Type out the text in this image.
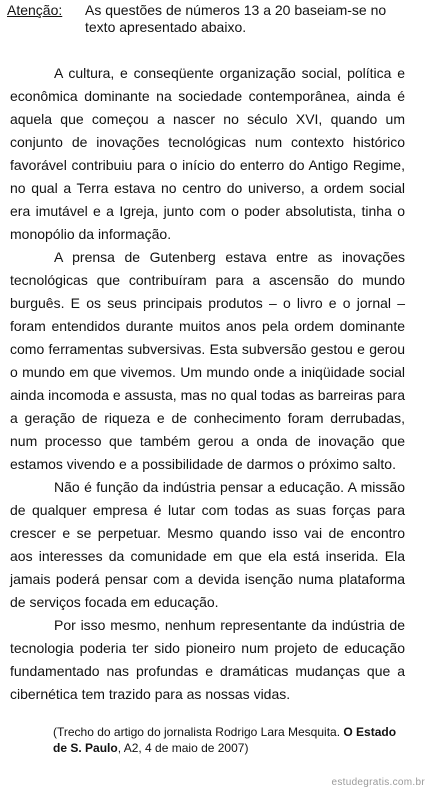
Atenção: As questões de números 13 a 20 baseiam-se no texto apresentado abaixo.

A cultura, e conseqüente organização social, política e econômica dominante na sociedade contemporânea, ainda é aquela que começou a nascer no século XVI, quando um conjunto de inovações tecnológicas num contexto histórico favorável contribuiu para o início do enterro do Antigo Regime, no qual a Terra estava no centro do universo, a ordem social era imutável e a Igreja, junto com o poder absolutista, tinha o monopólio da informação.

A prensa de Gutenberg estava entre as inovações tecnológicas que contribuíram para a ascensão do mundo burguês. E os seus principais produtos – o livro e o jornal – foram entendidos durante muitos anos pela ordem dominante como ferramentas subversivas. Esta subversão gestou e gerou o mundo em que vivemos. Um mundo onde a iniqüidade social ainda incomoda e assusta, mas no qual todas as barreiras para a geração de riqueza e de conhecimento foram derrubadas, num processo que também gerou a onda de inovação que estamos vivendo e a possibilidade de darmos o próximo salto.

Não é função da indústria pensar a educação. A missão de qualquer empresa é lutar com todas as suas forças para crescer e se perpetuar. Mesmo quando isso vai de encontro aos interesses da comunidade em que ela está inserida. Ela jamais poderá pensar com a devida isenção numa plataforma de serviços focada em educação.

Por isso mesmo, nenhum representante da indústria de tecnologia poderia ter sido pioneiro num projeto de educação fundamentado nas profundas e dramáticas mudanças que a cibernética tem trazido para as nossas vidas.

(Trecho do artigo do jornalista Rodrigo Lara Mesquita. O Estado de S. Paulo, A2, 4 de maio de 2007)
estudegratis.com.br
